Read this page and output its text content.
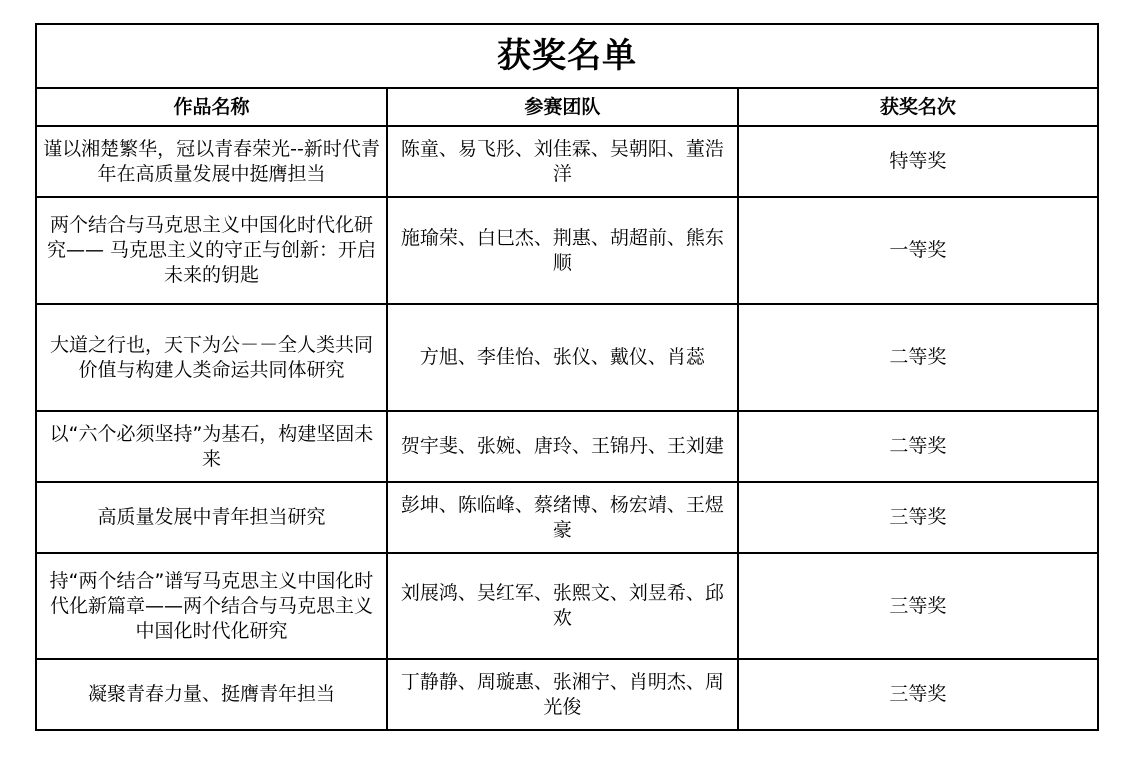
获奖名单		
作品名称	参赛团队	获奖名次
谨以湘楚繁华，冠以青春荣光--新时代青年在高质量发展中挺膺担当	陈童、易飞彤、刘佳霖、吴朝阳、董浩洋	特等奖
两个结合与马克思主义中国化时代化研 究—— 马克思主义的守正与创新：开启未来的钥匙	施瑜荣、白巳杰、荆惠、胡超前、熊东顺	一等奖
大道之行也，天下为公－－全人类共同价值与构建人类命运共同体研究	方旭、李佳怡、张仪、戴仪、肖蕊	二等奖
以“六个必须坚持”为基石，构建坚固未来	贺宇斐、张婉、唐玲、王锦丹、王刘建	二等奖
高质量发展中青年担当研究	彭坤、陈临峰、蔡绪博、杨宏靖、王煜豪	三等奖
持“两个结合”谱写马克思主义中国化时代化新篇章——两个结合与马克思主义中国化时代化研究	刘展鸿、吴红军、张熙文、刘昱希、邱欢	三等奖
凝聚青春力量、挺膺青年担当	丁静静、周璇惠、张湘宁、肖明杰、周光俊	三等奖
